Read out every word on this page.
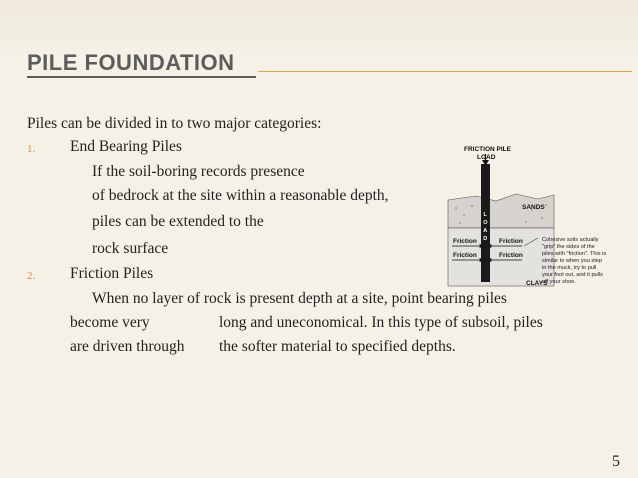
PILE FOUNDATION
Piles can be divided in to two major categories:
1. End Bearing Piles
If the soil-boring records presence
of bedrock at the site within a reasonable depth,
piles can be extended to the
rock surface
2. Friction Piles
When no layer of rock is present depth at a site, point bearing piles
become very	long and uneconomical. In this type of subsoil, piles
are driven through the softer material to specified depths.
FRICTION PILE
LOAD
SANDS
CLAYS
L
O
A
D
Friction
Friction
Friction
Friction
Cohesive soils actually
"grip" the sides of the
piles with "friction". This is
similar to when you step
in the muck, try to pull
your foot out, and it pulls
off your shoe.
5
